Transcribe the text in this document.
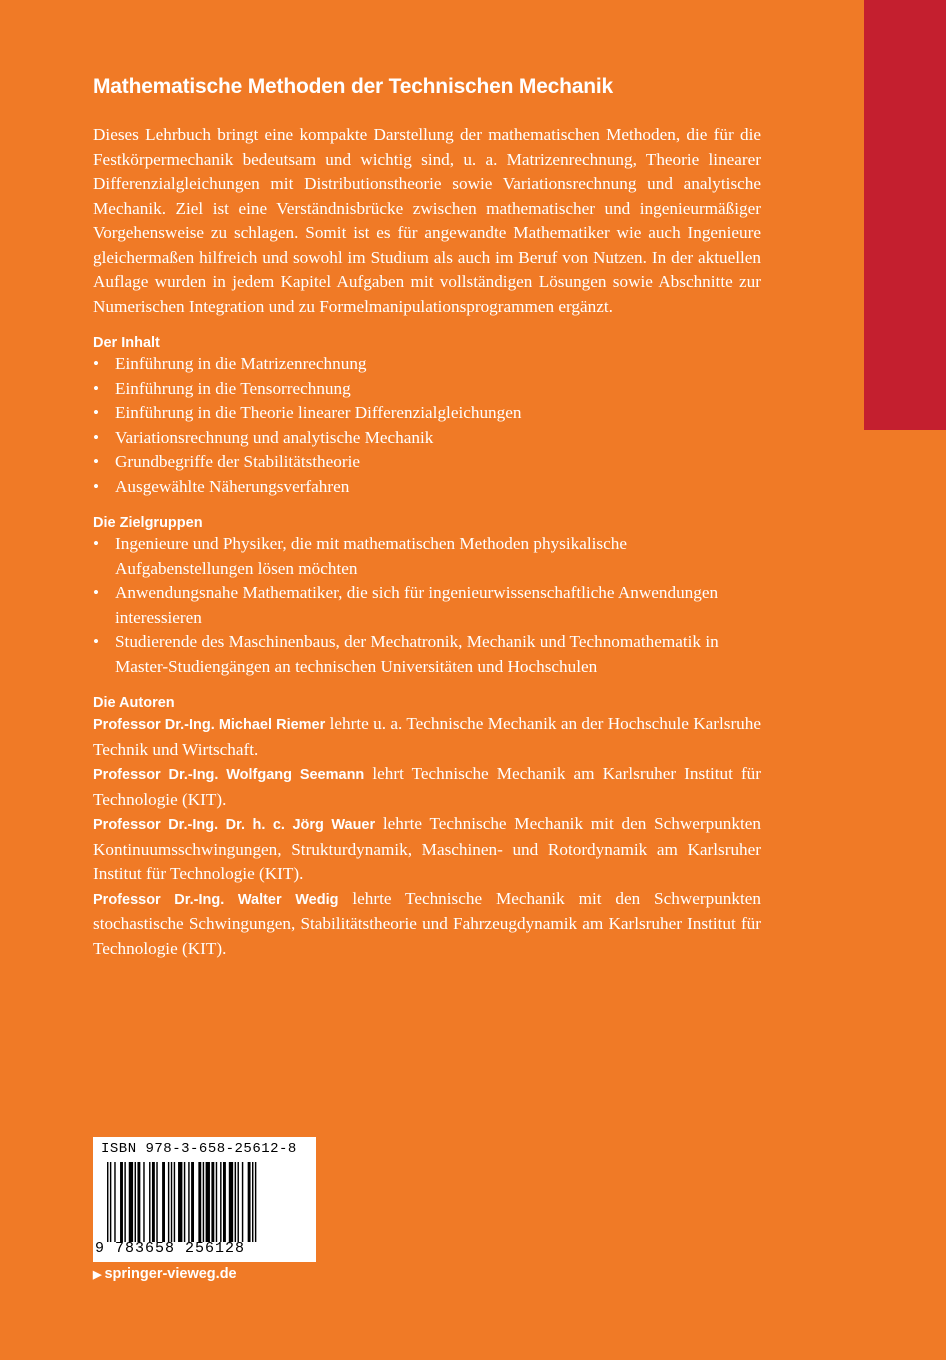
Mathematische Methoden der Technischen Mechanik

Dieses Lehrbuch bringt eine kompakte Darstellung der mathematischen Methoden, die für die Festkörpermechanik bedeutsam und wichtig sind, u. a. Matrizenrechnung, Theorie linearer Differenzialgleichungen mit Distributionstheorie sowie Variationsrechnung und analytische Mechanik. Ziel ist eine Verständnisbrücke zwischen mathematischer und ingenieurmäßiger Vorgehensweise zu schlagen. Somit ist es für angewandte Mathematiker wie auch Ingenieure gleichermaßen hilfreich und sowohl im Studium als auch im Beruf von Nutzen. In der aktuellen Auflage wurden in jedem Kapitel Aufgaben mit vollständigen Lösungen sowie Abschnitte zur Numerischen Integration und zu Formelmanipulationsprogrammen ergänzt.

Der Inhalt
• Einführung in die Matrizenrechnung
• Einführung in die Tensorrechnung
• Einführung in die Theorie linearer Differenzialgleichungen
• Variationsrechnung und analytische Mechanik
• Grundbegriffe der Stabilitätstheorie
• Ausgewählte Näherungsverfahren
Die Zielgruppen
• Ingenieure und Physiker, die mit mathematischen Methoden physikalische Aufgabenstellungen lösen möchten
• Anwendungsnahe Mathematiker, die sich für ingenieurwissenschaftliche Anwendungen interessieren
• Studierende des Maschinenbaus, der Mechatronik, Mechanik und Technomathematik in Master-Studiengängen an technischen Universitäten und Hochschulen
Die Autoren

Professor Dr.-Ing. Michael Riemer lehrte u. a. Technische Mechanik an der Hochschule Karlsruhe Technik und Wirtschaft.

Professor Dr.-Ing. Wolfgang Seemann lehrt Technische Mechanik am Karlsruher Institut für Technologie (KIT).

Professor Dr.-Ing. Dr. h. c. Jörg Wauer lehrte Technische Mechanik mit den Schwerpunkten Kontinuumsschwingungen, Strukturdynamik, Maschinen- und Rotordynamik am Karlsruher Institut für Technologie (KIT).

Professor Dr.-Ing. Walter Wedig lehrte Technische Mechanik mit den Schwerpunkten stochastische Schwingungen, Stabilitätstheorie und Fahrzeugdynamik am Karlsruher Institut für Technologie (KIT).

ISBN 978-3-658-25612-8
9 783658 256128
▶ springer-vieweg.de
